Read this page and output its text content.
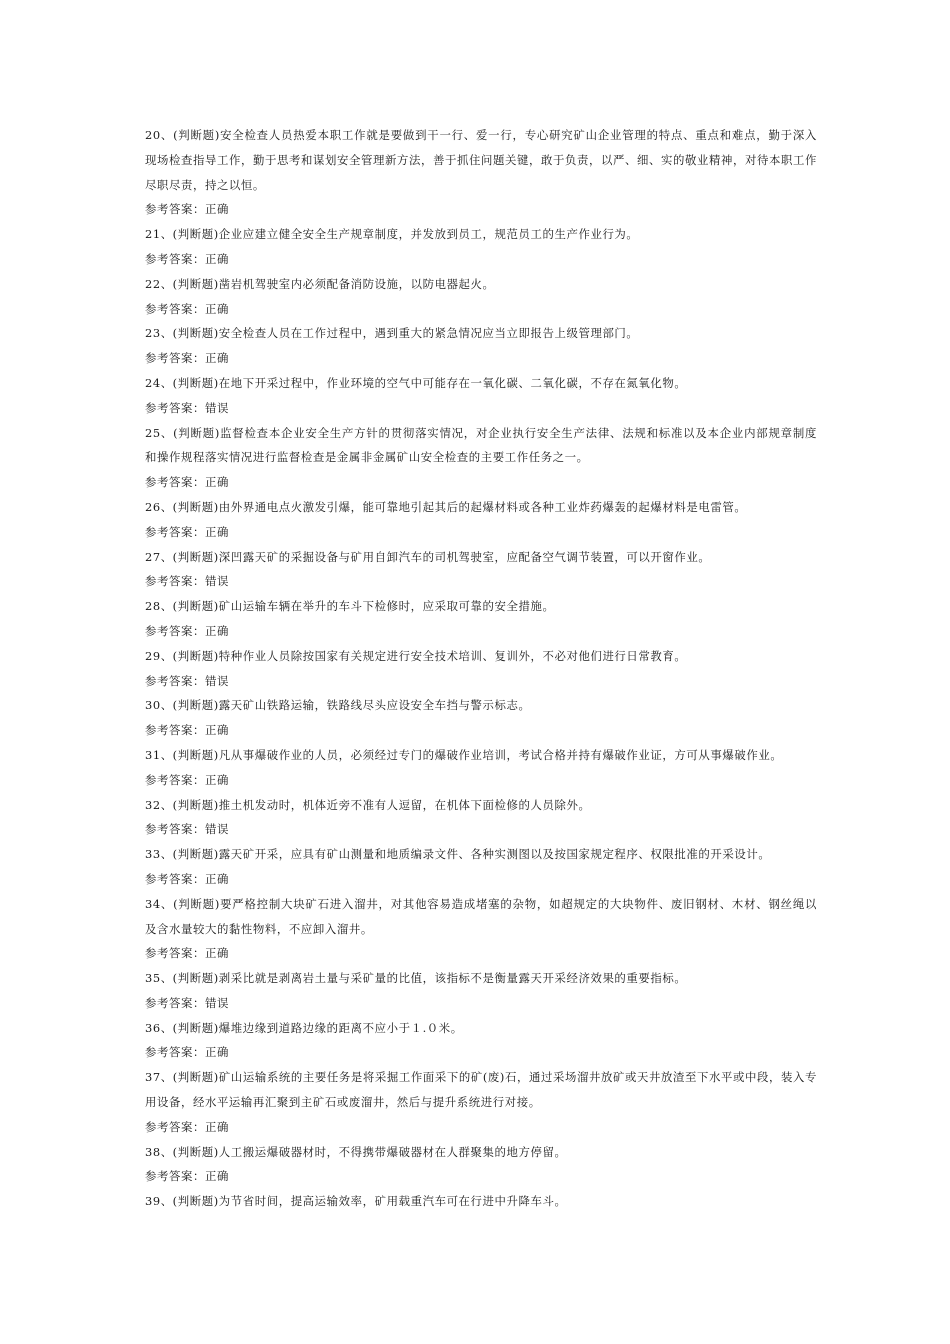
20、(判断题)安全检查人员热爱本职工作就是要做到干一行、爱一行，专心研究矿山企业管理的特点、重点和难点，勤于深入现场检查指导工作，勤于思考和谋划安全管理新方法，善于抓住问题关键，敢于负责，以严、细、实的敬业精神，对待本职工作尽职尽责，持之以恒。

参考答案：正确

21、(判断题)企业应建立健全安全生产规章制度，并发放到员工，规范员工的生产作业行为。

参考答案：正确

22、(判断题)凿岩机驾驶室内必须配备消防设施，以防电器起火。

参考答案：正确

23、(判断题)安全检查人员在工作过程中，遇到重大的紧急情况应当立即报告上级管理部门。

参考答案：正确

24、(判断题)在地下开采过程中，作业环境的空气中可能存在一氧化碳、二氧化碳，不存在氮氧化物。

参考答案：错误

25、(判断题)监督检查本企业安全生产方针的贯彻落实情况，对企业执行安全生产法律、法规和标准以及本企业内部规章制度和操作规程落实情况进行监督检查是金属非金属矿山安全检查的主要工作任务之一。

参考答案：正确

26、(判断题)由外界通电点火激发引爆，能可靠地引起其后的起爆材料或各种工业炸药爆轰的起爆材料是电雷管。

参考答案：正确

27、(判断题)深凹露天矿的采掘设备与矿用自卸汽车的司机驾驶室，应配备空气调节装置，可以开窗作业。

参考答案：错误

28、(判断题)矿山运输车辆在举升的车斗下检修时，应采取可靠的安全措施。

参考答案：正确

29、(判断题)特种作业人员除按国家有关规定进行安全技术培训、复训外，不必对他们进行日常教育。

参考答案：错误

30、(判断题)露天矿山铁路运输，铁路线尽头应设安全车挡与警示标志。

参考答案：正确

31、(判断题)凡从事爆破作业的人员，必须经过专门的爆破作业培训，考试合格并持有爆破作业证，方可从事爆破作业。

参考答案：正确

32、(判断题)推土机发动时，机体近旁不准有人逗留，在机体下面检修的人员除外。

参考答案：错误

33、(判断题)露天矿开采，应具有矿山测量和地质编录文件、各种实测图以及按国家规定程序、权限批准的开采设计。

参考答案：正确

34、(判断题)要严格控制大块矿石进入溜井，对其他容易造成堵塞的杂物，如超规定的大块物件、废旧钢材、木材、钢丝绳以及含水量较大的黏性物料，不应卸入溜井。

参考答案：正确

35、(判断题)剥采比就是剥离岩土量与采矿量的比值，该指标不是衡量露天开采经济效果的重要指标。

参考答案：错误

36、(判断题)爆堆边缘到道路边缘的距离不应小于１.０米。

参考答案：正确

37、(判断题)矿山运输系统的主要任务是将采掘工作面采下的矿(废)石，通过采场溜井放矿或天井放渣至下水平或中段，装入专用设备，经水平运输再汇聚到主矿石或废溜井，然后与提升系统进行对接。

参考答案：正确

38、(判断题)人工搬运爆破器材时，不得携带爆破器材在人群聚集的地方停留。

参考答案：正确

39、(判断题)为节省时间，提高运输效率，矿用载重汽车可在行进中升降车斗。
